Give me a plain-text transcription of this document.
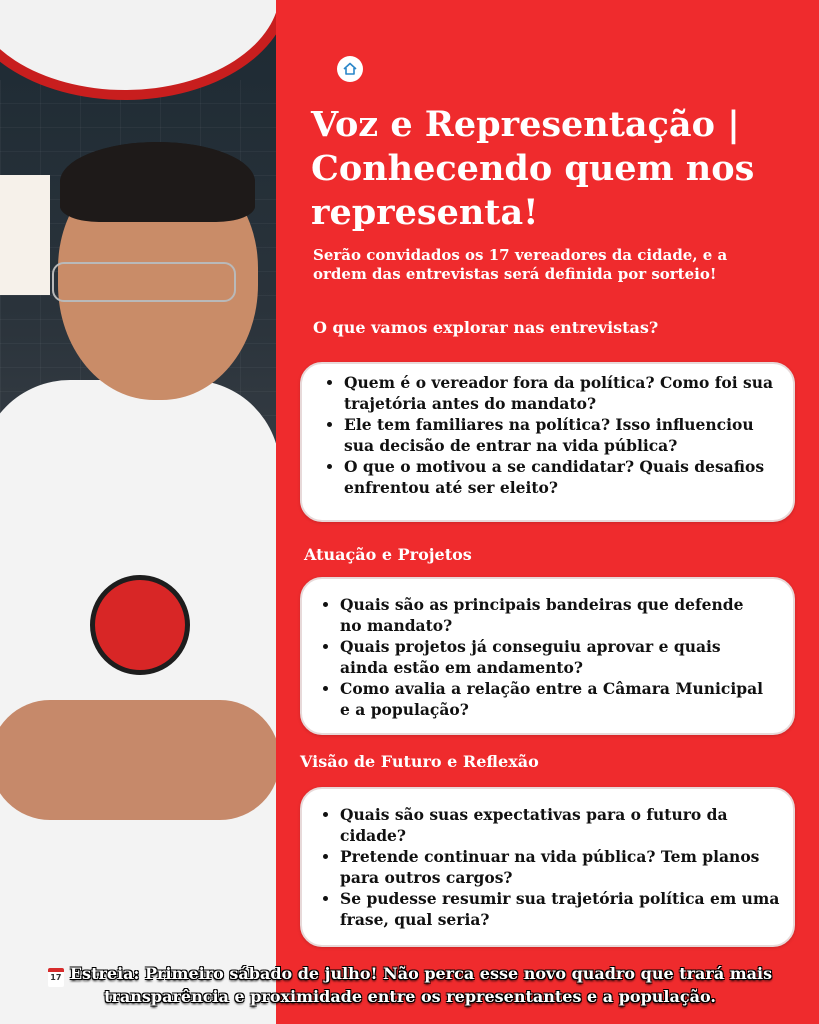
Voz e Representação | Conhecendo quem nos representa!
Serão convidados os 17 vereadores da cidade, e a ordem das entrevistas será definida por sorteio!
O que vamos explorar nas entrevistas?
• Quem é o vereador fora da política? Como foi sua trajetória antes do mandato?
• Ele tem familiares na política? Isso influenciou sua decisão de entrar na vida pública?
• O que o motivou a se candidatar? Quais desafios enfrentou até ser eleito?
Atuação e Projetos
• Quais são as principais bandeiras que defende no mandato?
• Quais projetos já conseguiu aprovar e quais ainda estão em andamento?
• Como avalia a relação entre a Câmara Municipal e a população?
Visão de Futuro e Reflexão
• Quais são suas expectativas para o futuro da cidade?
• Pretende continuar na vida pública? Tem planos para outros cargos?
• Se pudesse resumir sua trajetória política em uma frase, qual seria?
17 Estreia: Primeiro sábado de julho! Não perca esse novo quadro que trará mais transparência e proximidade entre os representantes e a população.
